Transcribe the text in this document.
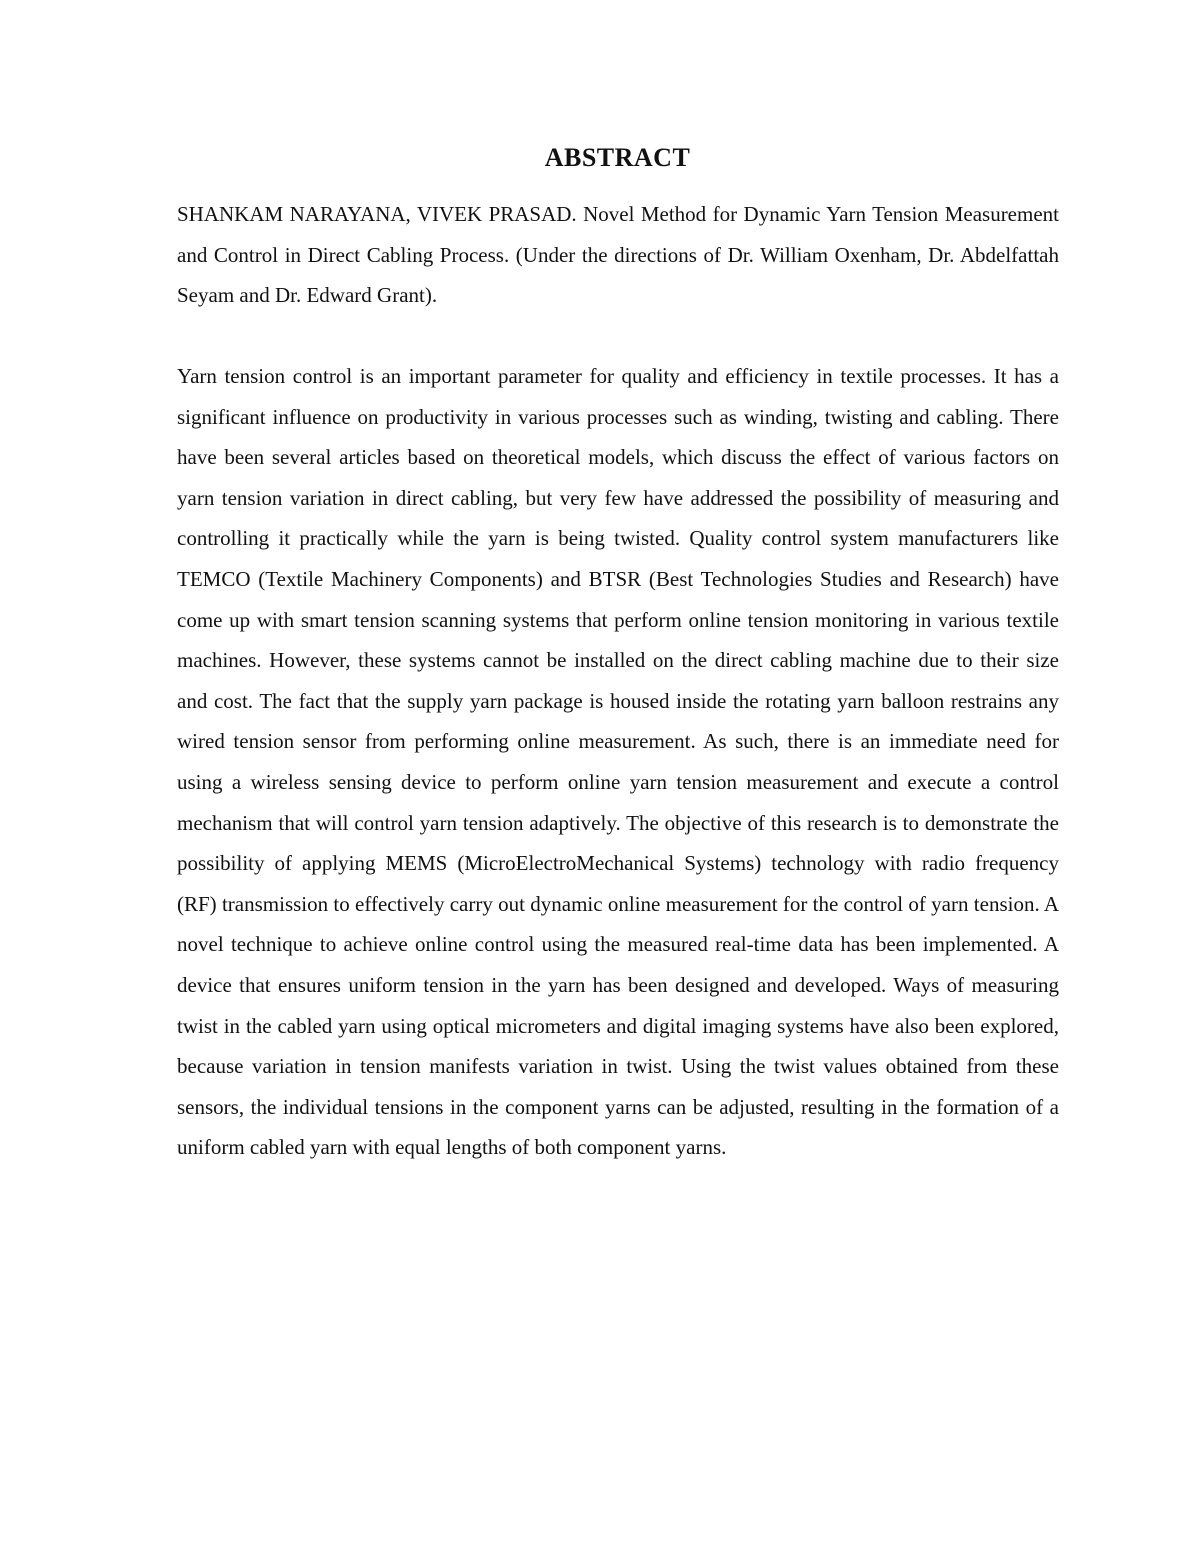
ABSTRACT

SHANKAM NARAYANA, VIVEK PRASAD. Novel Method for Dynamic Yarn Tension Measurement and Control in Direct Cabling Process. (Under the directions of Dr. William Oxenham, Dr. Abdelfattah Seyam and Dr. Edward Grant).

Yarn tension control is an important parameter for quality and efficiency in textile processes. It has a significant influence on productivity in various processes such as winding, twisting and cabling. There have been several articles based on theoretical models, which discuss the effect of various factors on yarn tension variation in direct cabling, but very few have addressed the possibility of measuring and controlling it practically while the yarn is being twisted. Quality control system manufacturers like TEMCO (Textile Machinery Components) and BTSR (Best Technologies Studies and Research) have come up with smart tension scanning systems that perform online tension monitoring in various textile machines. However, these systems cannot be installed on the direct cabling machine due to their size and cost. The fact that the supply yarn package is housed inside the rotating yarn balloon restrains any wired tension sensor from performing online measurement. As such, there is an immediate need for using a wireless sensing device to perform online yarn tension measurement and execute a control mechanism that will control yarn tension adaptively. The objective of this research is to demonstrate the possibility of applying MEMS (MicroElectroMechanical Systems) technology with radio frequency (RF) transmission to effectively carry out dynamic online measurement for the control of yarn tension. A novel technique to achieve online control using the measured real-time data has been implemented. A device that ensures uniform tension in the yarn has been designed and developed. Ways of measuring twist in the cabled yarn using optical micrometers and digital imaging systems have also been explored, because variation in tension manifests variation in twist. Using the twist values obtained from these sensors, the individual tensions in the component yarns can be adjusted, resulting in the formation of a uniform cabled yarn with equal lengths of both component yarns.
